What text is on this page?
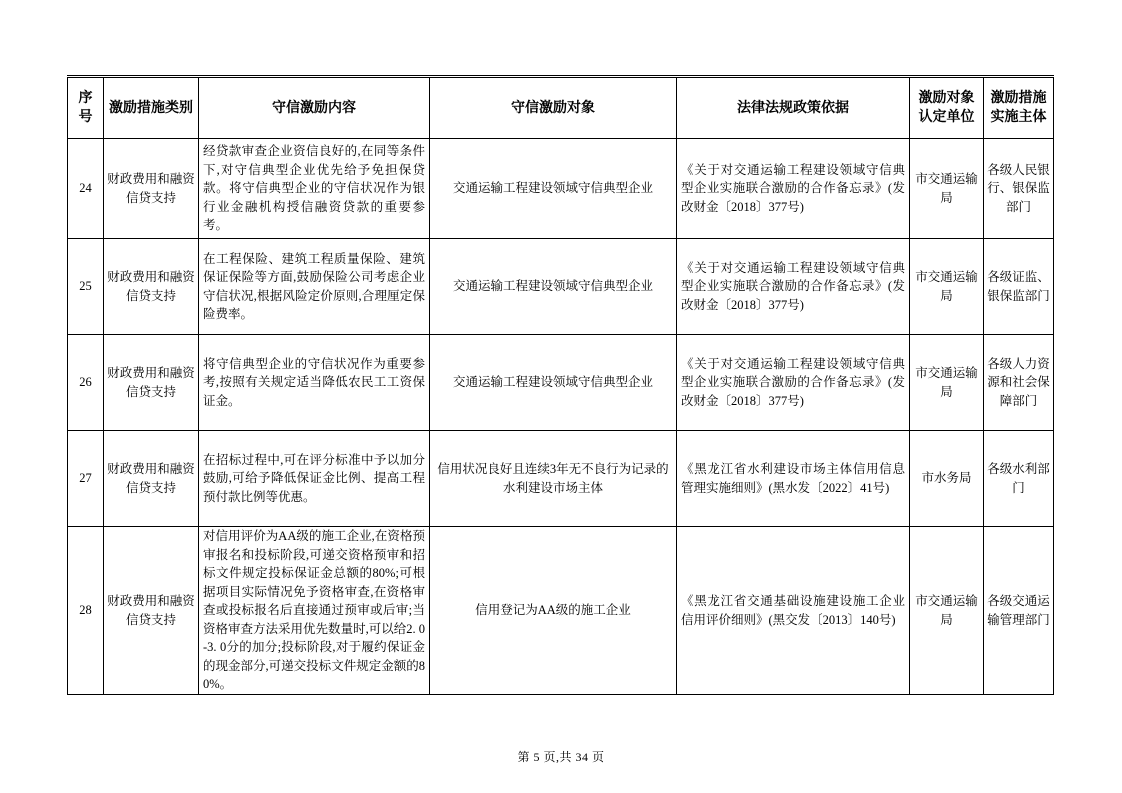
序号	激励措施类别	守信激励内容	守信激励对象	法律法规政策依据	激励对象认定单位	激励措施实施主体
24	财政费用和融资信贷支持	经贷款审查企业资信良好的,在同等条件下,对守信典型企业优先给予免担保贷款。将守信典型企业的守信状况作为银行业金融机构授信融资贷款的重要参考。	交通运输工程建设领域守信典型企业	《关于对交通运输工程建设领域守信典型企业实施联合激励的合作备忘录》(发改财金〔2018〕377号)	市交通运输局	各级人民银行、银保监部门
25	财政费用和融资信贷支持	在工程保险、建筑工程质量保险、建筑保证保险等方面,鼓励保险公司考虑企业守信状况,根据风险定价原则,合理厘定保险费率。	交通运输工程建设领域守信典型企业	《关于对交通运输工程建设领域守信典型企业实施联合激励的合作备忘录》(发改财金〔2018〕377号)	市交通运输局	各级证监、银保监部门
26	财政费用和融资信贷支持	将守信典型企业的守信状况作为重要参考,按照有关规定适当降低农民工工资保证金。	交通运输工程建设领域守信典型企业	《关于对交通运输工程建设领域守信典型企业实施联合激励的合作备忘录》(发改财金〔2018〕377号)	市交通运输局	各级人力资源和社会保障部门
27	财政费用和融资信贷支持	在招标过程中,可在评分标准中予以加分鼓励,可给予降低保证金比例、提高工程预付款比例等优惠。	信用状况良好且连续3年无不良行为记录的水利建设市场主体	《黑龙江省水利建设市场主体信用信息管理实施细则》(黑水发〔2022〕41号)	市水务局	各级水利部门
28	财政费用和融资信贷支持	对信用评价为AA级的施工企业,在资格预审报名和投标阶段,可递交资格预审和招标文件规定投标保证金总额的80%;可根据项目实际情况免予资格审查,在资格审查或投标报名后直接通过预审或后审;当资格审查方法采用优先数量时,可以给2. 0-3. 0分的加分;投标阶段,对于履约保证金的现金部分,可递交投标文件规定金额的80%。	信用登记为AA级的施工企业	《黑龙江省交通基础设施建设施工企业信用评价细则》(黑交发〔2013〕140号)	市交通运输局	各级交通运输管理部门
第 5 页,共 34 页
